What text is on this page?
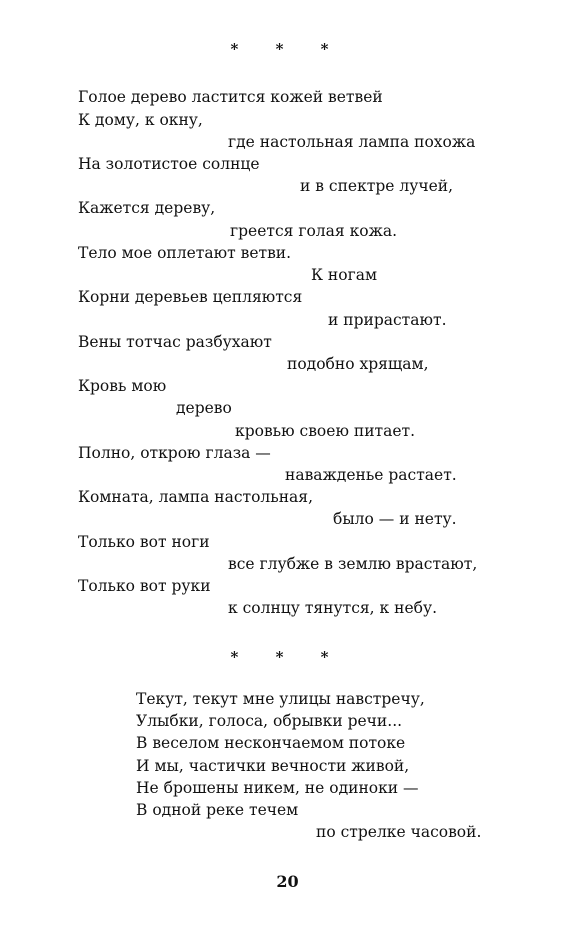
* * *
Голое дерево ластится кожей ветвей
К дому, к окну,
где настольная лампа похожа
На золотистое солнце
и в спектре лучей,
Кажется дереву,
греется голая кожа.
Тело мое оплетают ветви.
К ногам
Корни деревьев цепляются
и прирастают.
Вены тотчас разбухают
подобно хрящам,
Кровь мою
дерево
кровью своею питает.
Полно, открою глаза —
наважденье растает.
Комната, лампа настольная,
было — и нету.
Только вот ноги
все глубже в землю врастают,
Только вот руки
к солнцу тянутся, к небу.
* * *
Текут, текут мне улицы навстречу,
Улыбки, голоса, обрывки речи...
В веселом нескончаемом потоке
И мы, частички вечности живой,
Не брошены никем, не одиноки —
В одной реке течем
по стрелке часовой.
20
